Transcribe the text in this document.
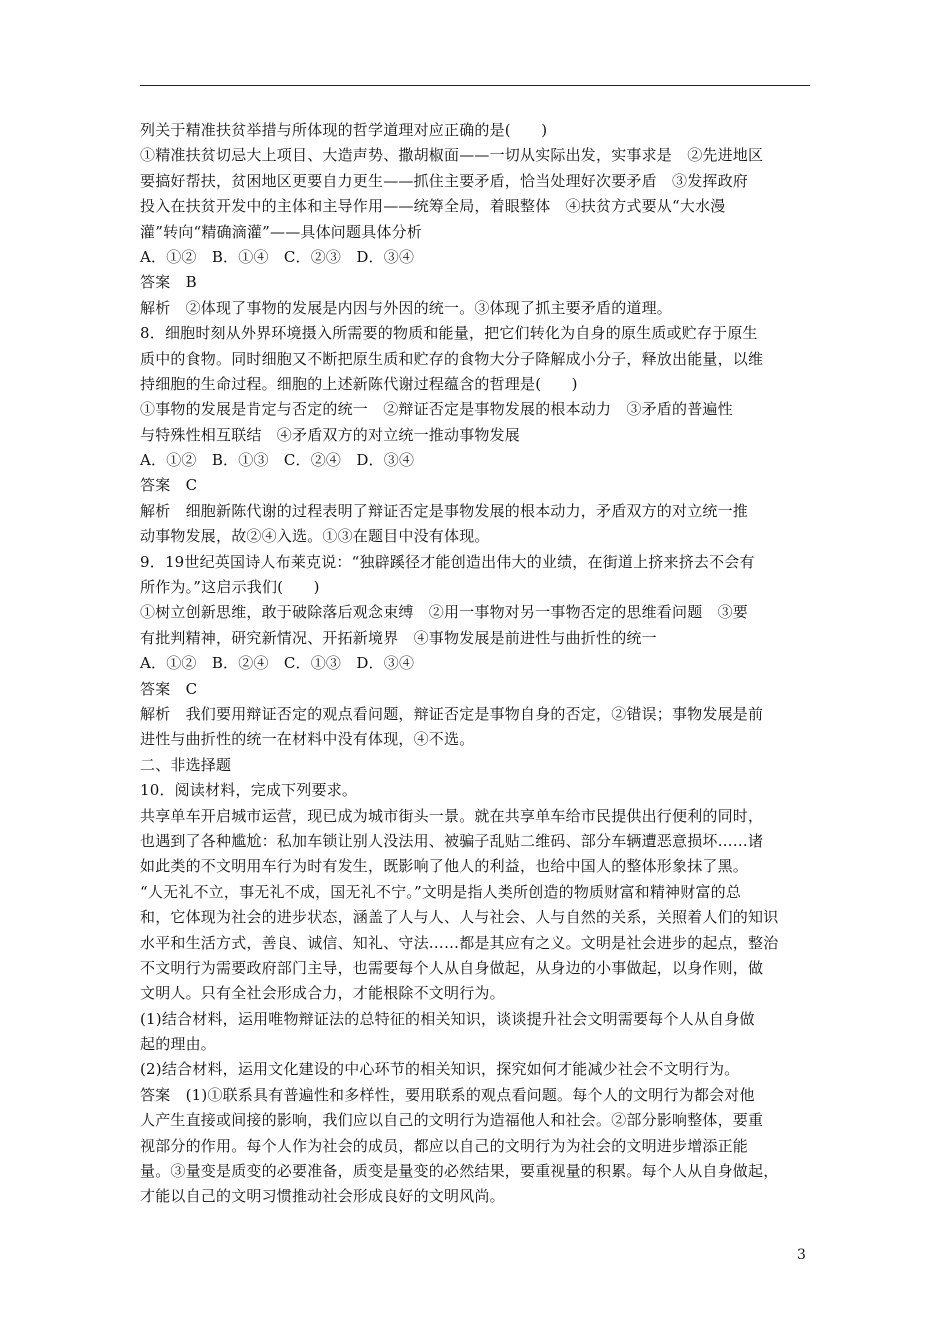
列关于精准扶贫举措与所体现的哲学道理对应正确的是(　　)
①精准扶贫切忌大上项目、大造声势、撒胡椒面——一切从实际出发，实事求是　②先进地区
要搞好帮扶，贫困地区更要自力更生——抓住主要矛盾，恰当处理好次要矛盾　③发挥政府
投入在扶贫开发中的主体和主导作用——统筹全局，着眼整体　④扶贫方式要从“大水漫
灌”转向“精确滴灌”——具体问题具体分析
A．①②　B．①④　C．②③　D．③④
答案　B
解析　②体现了事物的发展是内因与外因的统一。③体现了抓主要矛盾的道理。
8．细胞时刻从外界环境摄入所需要的物质和能量，把它们转化为自身的原生质或贮存于原生
质中的食物。同时细胞又不断把原生质和贮存的食物大分子降解成小分子，释放出能量，以维
持细胞的生命过程。细胞的上述新陈代谢过程蕴含的哲理是(　　)
①事物的发展是肯定与否定的统一　②辩证否定是事物发展的根本动力　③矛盾的普遍性
与特殊性相互联结　④矛盾双方的对立统一推动事物发展
A．①②　B．①③　C．②④　D．③④
答案　C
解析　细胞新陈代谢的过程表明了辩证否定是事物发展的根本动力，矛盾双方的对立统一推
动事物发展，故②④入选。①③在题目中没有体现。
9．19世纪英国诗人布莱克说：“独辟蹊径才能创造出伟大的业绩，在街道上挤来挤去不会有
所作为。”这启示我们(　　)
①树立创新思维，敢于破除落后观念束缚　②用一事物对另一事物否定的思维看问题　③要
有批判精神，研究新情况、开拓新境界　④事物发展是前进性与曲折性的统一
A．①②　B．②④　C．①③　D．③④
答案　C
解析　我们要用辩证否定的观点看问题，辩证否定是事物自身的否定，②错误；事物发展是前
进性与曲折性的统一在材料中没有体现，④不选。
二、非选择题
10．阅读材料，完成下列要求。
共享单车开启城市运营，现已成为城市街头一景。就在共享单车给市民提供出行便利的同时，
也遇到了各种尴尬：私加车锁让别人没法用、被骗子乱贴二维码、部分车辆遭恶意损坏……诸
如此类的不文明用车行为时有发生，既影响了他人的利益，也给中国人的整体形象抹了黑。
“人无礼不立，事无礼不成，国无礼不宁。”文明是指人类所创造的物质财富和精神财富的总
和，它体现为社会的进步状态，涵盖了人与人、人与社会、人与自然的关系，关照着人们的知识
水平和生活方式，善良、诚信、知礼、守法……都是其应有之义。文明是社会进步的起点，整治
不文明行为需要政府部门主导，也需要每个人从自身做起，从身边的小事做起，以身作则，做
文明人。只有全社会形成合力，才能根除不文明行为。
(1)结合材料，运用唯物辩证法的总特征的相关知识，谈谈提升社会文明需要每个人从自身做
起的理由。
(2)结合材料，运用文化建设的中心环节的相关知识，探究如何才能减少社会不文明行为。
答案　(1)①联系具有普遍性和多样性，要用联系的观点看问题。每个人的文明行为都会对他
人产生直接或间接的影响，我们应以自己的文明行为造福他人和社会。②部分影响整体，要重
视部分的作用。每个人作为社会的成员，都应以自己的文明行为为社会的文明进步增添正能
量。③量变是质变的必要准备，质变是量变的必然结果，要重视量的积累。每个人从自身做起，
才能以自己的文明习惯推动社会形成良好的文明风尚。
3
